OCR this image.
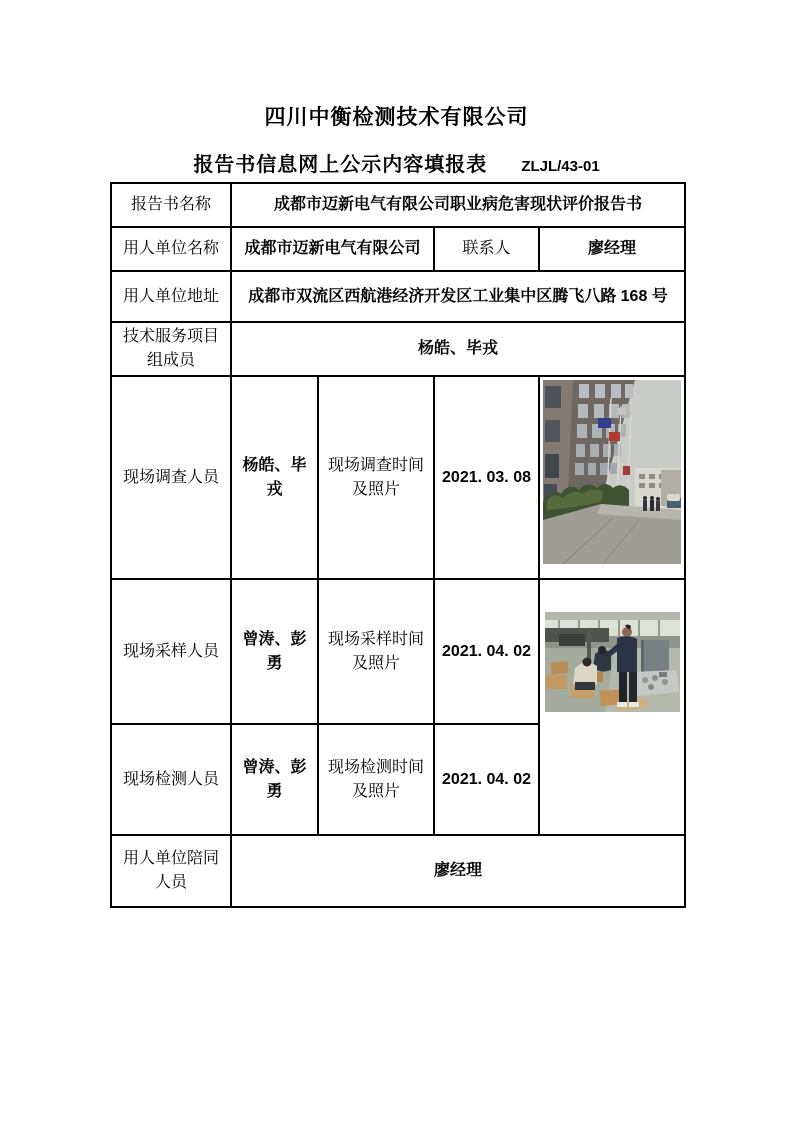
四川中衡检测技术有限公司
报告书信息网上公示内容填报表 ZLJL/43-01
报告书名称	成都市迈新电气有限公司职业病危害现状评价报告书			
用人单位名称	成都市迈新电气有限公司		联系人	廖经理
用人单位地址	成都市双流区西航港经济开发区工业集中区腾飞八路 168 号			
技术服务项目组成员	杨皓、毕戎			
现场调查人员	杨皓、毕戎	现场调查时间及照片	2021. 03. 08	

现场采样人员	曾涛、彭勇	现场采样时间及照片	2021. 04. 02	

现场检测人员	曾涛、彭勇	现场检测时间及照片	2021. 04. 02	
用人单位陪同人员	廖经理			
